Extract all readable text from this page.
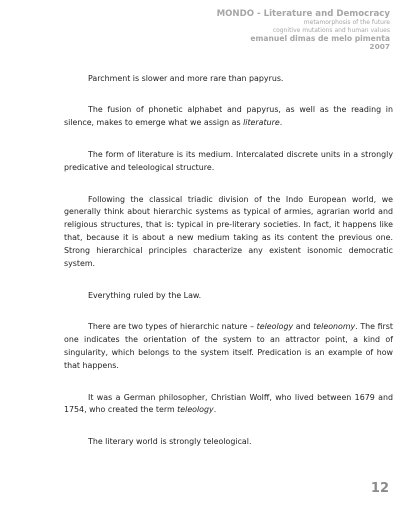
MONDO - Literature and Democracy
metamorphosis of the future
cognitive mutations and human values
emanuel dimas de melo pimenta
2007

Parchment is slower and more rare than papyrus.

The fusion of phonetic alphabet and papyrus, as well as the reading in silence, makes to emerge what we assign as literature.

The form of literature is its medium. Intercalated discrete units in a strongly predicative and teleological structure.

Following the classical triadic division of the Indo European world, we generally think about hierarchic systems as typical of armies, agrarian world and religious structures, that is: typical in pre-literary societies. In fact, it happens like that, because it is about a new medium taking as its content the previous one. Strong hierarchical principles characterize any existent isonomic democratic system.

Everything ruled by the Law.

There are two types of hierarchic nature – teleology and teleonomy. The first one indicates the orientation of the system to an attractor point, a kind of singularity, which belongs to the system itself. Predication is an example of how that happens.

It was a German philosopher, Christian Wolff, who lived between 1679 and 1754, who created the term teleology.

The literary world is strongly teleological.

12
